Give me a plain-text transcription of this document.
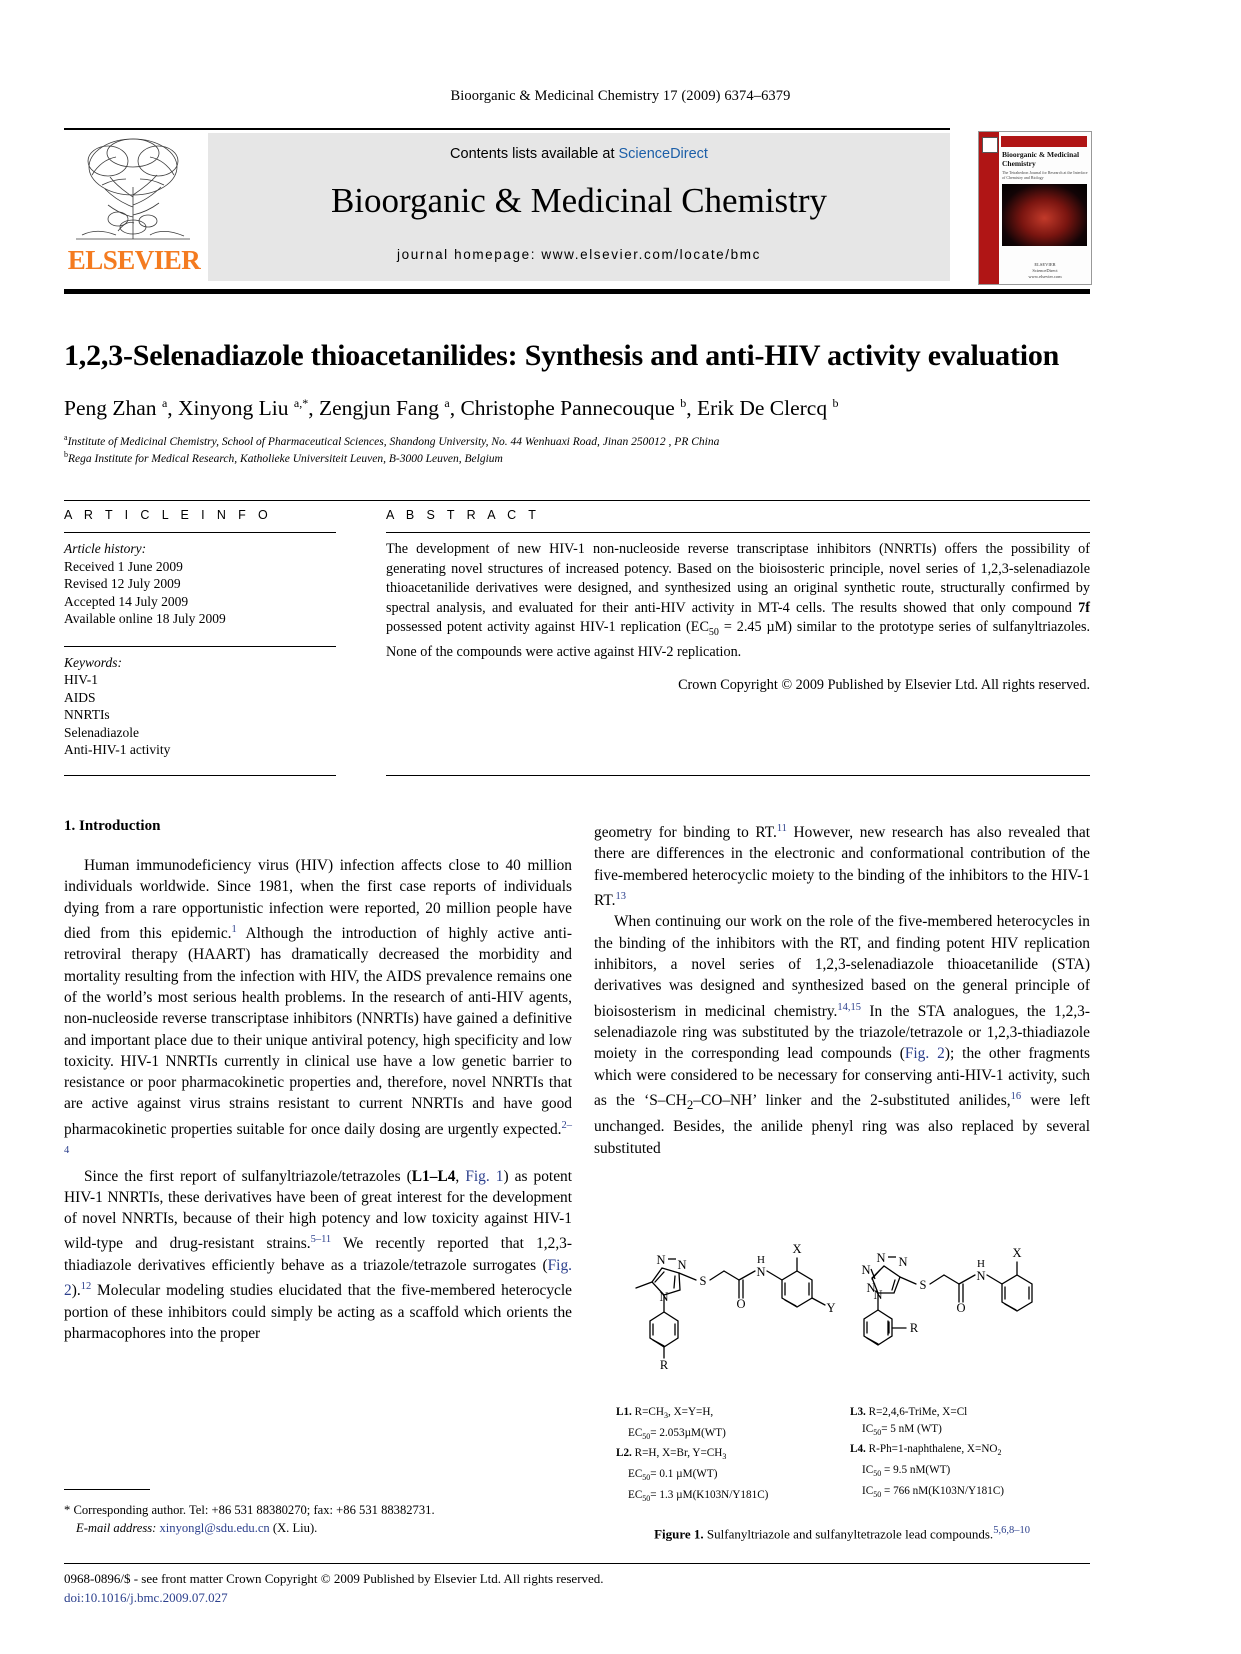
Bioorganic & Medicinal Chemistry 17 (2009) 6374–6379
ELSEVIER
Contents lists available at ScienceDirect
Bioorganic & Medicinal Chemistry
journal homepage: www.elsevier.com/locate/bmc
Bioorganic & Medicinal Chemistry
The Tetrahedron Journal for Research at the Interface of Chemistry and Biology
ELSEVIER
ScienceDirect
www.elsevier.com
1,2,3-Selenadiazole thioacetanilides: Synthesis and anti-HIV activity evaluation
Peng Zhan $^a$, Xinyong Liu $^{a,*}$, Zengjun Fang $^a$, Christophe Pannecouque $^b$, Erik De Clercq $^b$
$^a$Institute of Medicinal Chemistry, School of Pharmaceutical Sciences, Shandong University, No. 44 Wenhuaxi Road, Jinan 250012 , PR China
$^b$Rega Institute for Medical Research, Katholieke Universiteit Leuven, B-3000 Leuven, Belgium
A R T I C L E I N F O
Article history:
Received 1 June 2009
Revised 12 July 2009
Accepted 14 July 2009
Available online 18 July 2009
Keywords:
HIV-1
AIDS
NNRTIs
Selenadiazole
Anti-HIV-1 activity
A B S T R A C T
The development of new HIV-1 non-nucleoside reverse transcriptase inhibitors (NNRTIs) offers the possibility of generating novel structures of increased potency. Based on the bioisosteric principle, novel series of 1,2,3-selenadiazole thioacetanilide derivatives were designed, and synthesized using an original synthetic route, structurally confirmed by spectral analysis, and evaluated for their anti-HIV activity in MT-4 cells. The results showed that only compound 7f possessed potent activity against HIV-1 replication ($EC_{50} = 2.45$ µM) similar to the prototype series of sulfanyltriazoles. None of the compounds were active against HIV-2 replication.
Crown Copyright © 2009 Published by Elsevier Ltd. All rights reserved.
1. Introduction

Human immunodeficiency virus (HIV) infection affects close to 40 million individuals worldwide. Since 1981, when the first case reports of individuals dying from a rare opportunistic infection were reported, 20 million people have died from this epidemic.$^1$ Although the introduction of highly active anti-retroviral therapy (HAART) has dramatically decreased the morbidity and mortality resulting from the infection with HIV, the AIDS prevalence remains one of the world’s most serious health problems. In the research of anti-HIV agents, non-nucleoside reverse transcriptase inhibitors (NNRTIs) have gained a definitive and important place due to their unique antiviral potency, high specificity and low toxicity. HIV-1 NNRTIs currently in clinical use have a low genetic barrier to resistance or poor pharmacokinetic properties and, therefore, novel NNRTIs that are active against virus strains resistant to current NNRTIs and have good pharmacokinetic properties suitable for once daily dosing are urgently expected.$^{2-4}$

Since the first report of sulfanyltriazole/tetrazoles (L1–L4, Fig. 1) as potent HIV-1 NNRTIs, these derivatives have been of great interest for the development of novel NNRTIs, because of their high potency and low toxicity against HIV-1 wild-type and drug-resistant strains.$^{5-11}$ We recently reported that 1,2,3-thiadiazole derivatives efficiently behave as a triazole/tetrazole surrogates (Fig. 2).$^{12}$ Molecular modeling studies elucidated that the five-membered heterocycle portion of these inhibitors could simply be acting as a scaffold which orients the pharmacophores into the proper

geometry for binding to RT.$^{11}$ However, new research has also revealed that there are differences in the electronic and conformational contribution of the five-membered heterocyclic moiety to the binding of the inhibitors to the HIV-1 RT.$^{13}$

When continuing our work on the role of the five-membered heterocycles in the binding of the inhibitors with the RT, and finding potent HIV replication inhibitors, a novel series of 1,2,3-selenadiazole thioacetanilide (STA) derivatives was designed and synthesized based on the general principle of bioisosterism in medicinal chemistry.$^{14,15}$ In the STA analogues, the 1,2,3-selenadiazole ring was substituted by the triazole/tetrazole or 1,2,3-thiadiazole moiety in the corresponding lead compounds (Fig. 2); the other fragments which were considered to be necessary for conserving anti-HIV-1 activity, such as the ‘$S-CH_2-CO-NH$’ linker and the 2-substituted anilides,$^{16}$ were left unchanged. Besides, the anilide phenyl ring was also replaced by several substituted

N N
N
S
N
H
O
X
Y
R
N N
N
N
N
S
N
H
O
X
R
L1. $R=CH_3$, X=Y=H,
$EC_{50}= 2.053\mu M(WT)$
L2. R=H, X=Br, $Y=CH_3$
$EC_{50}= 0.1$ µM(WT)
$EC_{50}= 1.3$ µM(K103N/Y181C)
L3. R=2,4,6-TriMe, X=Cl
$IC_{50}= 5$ nM (WT)
L4. R-Ph=1-naphthalene, $X=NO_2$
$IC_{50} = 9.5$ nM(WT)
$IC_{50} = 766$ nM(K103N/Y181C)
Figure 1. Sulfanyltriazole and sulfanyltetrazole lead compounds.$^{5,6,8-10}$
* Corresponding author. Tel: +86 531 88380270; fax: +86 531 88382731.
E-mail address: xinyongl@sdu.edu.cn (X. Liu).
0968-0896/$ - see front matter Crown Copyright © 2009 Published by Elsevier Ltd. All rights reserved.
doi:10.1016/j.bmc.2009.07.027
